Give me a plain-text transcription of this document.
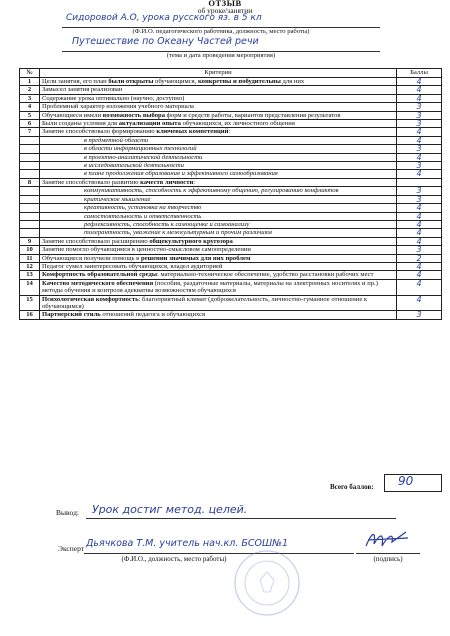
ОТЗЫВ
об уроке/занятии
Сидоровой А.О, урока русского яз. в 5 кл
(Ф.И.О. педагогического работника, должность, место работы)
Путешествие по Океану Частей речи
(тема и дата проведения мероприятия)
№	Критерии	Баллы
1	Цели занятия, его план были открыты обучающимся, конкретны и побудительны для них	4
2	Замысел занятия реализован	4
3	Содержание урока оптимально (научно, доступно)	4
4	Проблемный характер изложения учебного материала	3
5	Обучающиеся имели возможность выбора форм и средств работы, вариантов представления результатов	3
6	Были созданы условия для актуализации опыта обучающихся, их личностного общения	3
7	Занятие способствовало формированию ключевых компетенций:	4
	в предметной области	4
	в области информационных технологий	3
	в проектно-аналитической деятельности	4
	в исследовательской деятельности	3
	в плане продолжения образования и эффективного самообразования	4
8	Занятие способствовало развитию качеств личности:	
	коммуникативность, способность к эффективному общению, регулированию конфликтов	3
	критическое мышление	3
	креативность, установка на творчество	4
	самостоятельность и ответственность	4
	рефлексивность, способность к самооценке и самоанализу	4
	толерантность, уважение к межкультурным и прочим различиям	4
9	Занятие способствовало расширению общекультурного кругозора	4
10	Занятие помогло обучающимся в ценностно-смысловом самоопределении	3
11	Обучающиеся получили помощь в решении значимых для них проблем	2
12	Педагог сумел заинтересовать обучающихся, владел аудиторией	4
13	Комфортность образовательной среды: материально-техническое обеспечение, удобство расстановки рабочих мест	4
14	Качество методического обеспечения (пособия, раздаточные материалы, материалы на электронных носителях и пр.) методы обучения и контроля адекватны возможностям обучающихся	4
15	Психологическая комфортность: благоприятный климат (доброжелательность, личностно-гуманное отношение к обучающимся)	4
16	Партнерский стиль отношений педагога и обучающихся	3
Всего баллов: 90
Вывод: Урок достиг метод. целей.
Эксперт Дьячкова Т.М. учитель нач.кл. БСОШ№1
(Ф.И.О., должность, место работы)	(подпись)
